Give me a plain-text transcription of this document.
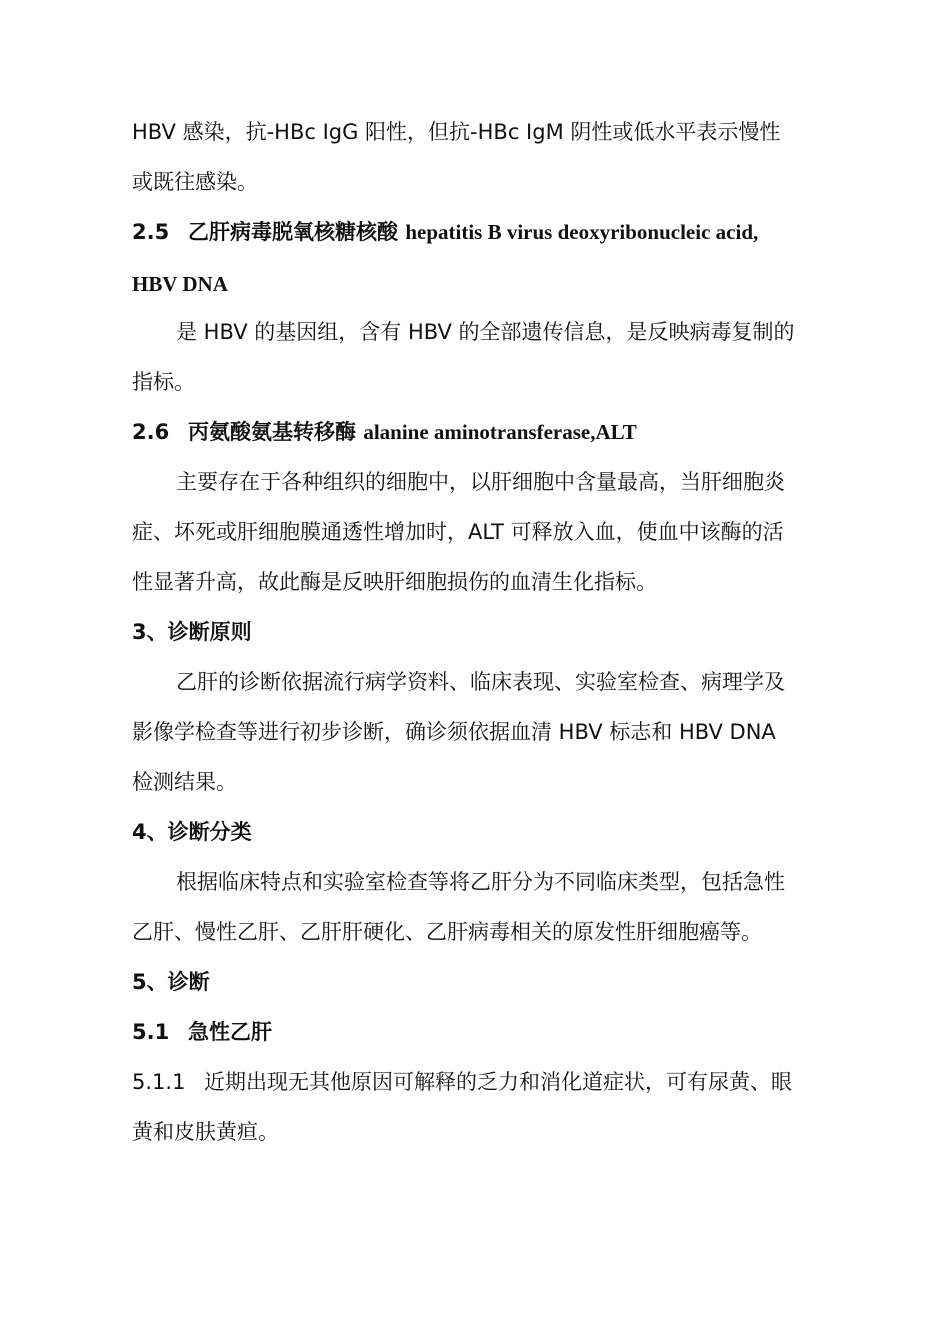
HBV 感染，抗-HBc IgG 阳性，但抗-HBc IgM 阴性或低水平表示慢性
或既往感染。
2.5 乙肝病毒脱氧核糖核酸 hepatitis B virus deoxyribonucleic acid,
HBV DNA
是 HBV 的基因组，含有 HBV 的全部遗传信息，是反映病毒复制的
指标。
2.6 丙氨酸氨基转移酶 alanine aminotransferase,ALT
主要存在于各种组织的细胞中，以肝细胞中含量最高，当肝细胞炎
症、坏死或肝细胞膜通透性增加时，ALT 可释放入血，使血中该酶的活
性显著升高，故此酶是反映肝细胞损伤的血清生化指标。
3、诊断原则
乙肝的诊断依据流行病学资料、临床表现、实验室检查、病理学及
影像学检查等进行初步诊断，确诊须依据血清 HBV 标志和 HBV DNA
检测结果。
4、诊断分类
根据临床特点和实验室检查等将乙肝分为不同临床类型，包括急性
乙肝、慢性乙肝、乙肝肝硬化、乙肝病毒相关的原发性肝细胞癌等。
5、诊断
5.1 急性乙肝
5.1.1 近期出现无其他原因可解释的乏力和消化道症状，可有尿黄、眼
黄和皮肤黄疸。
